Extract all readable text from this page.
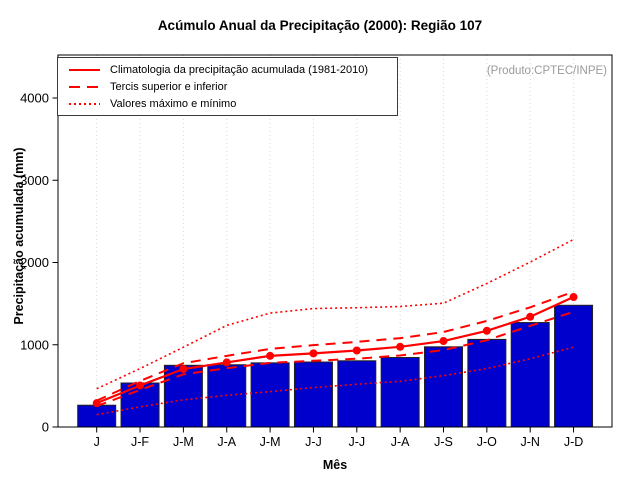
Acúmulo Anual da Precipitação (2000): Região 107
J J-F J-M J-A J-M J-J J-J J-A J-S J-O J-N J-D
0
1000
2000
3000
4000
Climatologia da precipitação acumulada (1981-2010)
Tercis superior e inferior
Valores máximo e mínimo
(Produto:CPTEC/INPE)
Precipitação acumulada (mm)
Mês
